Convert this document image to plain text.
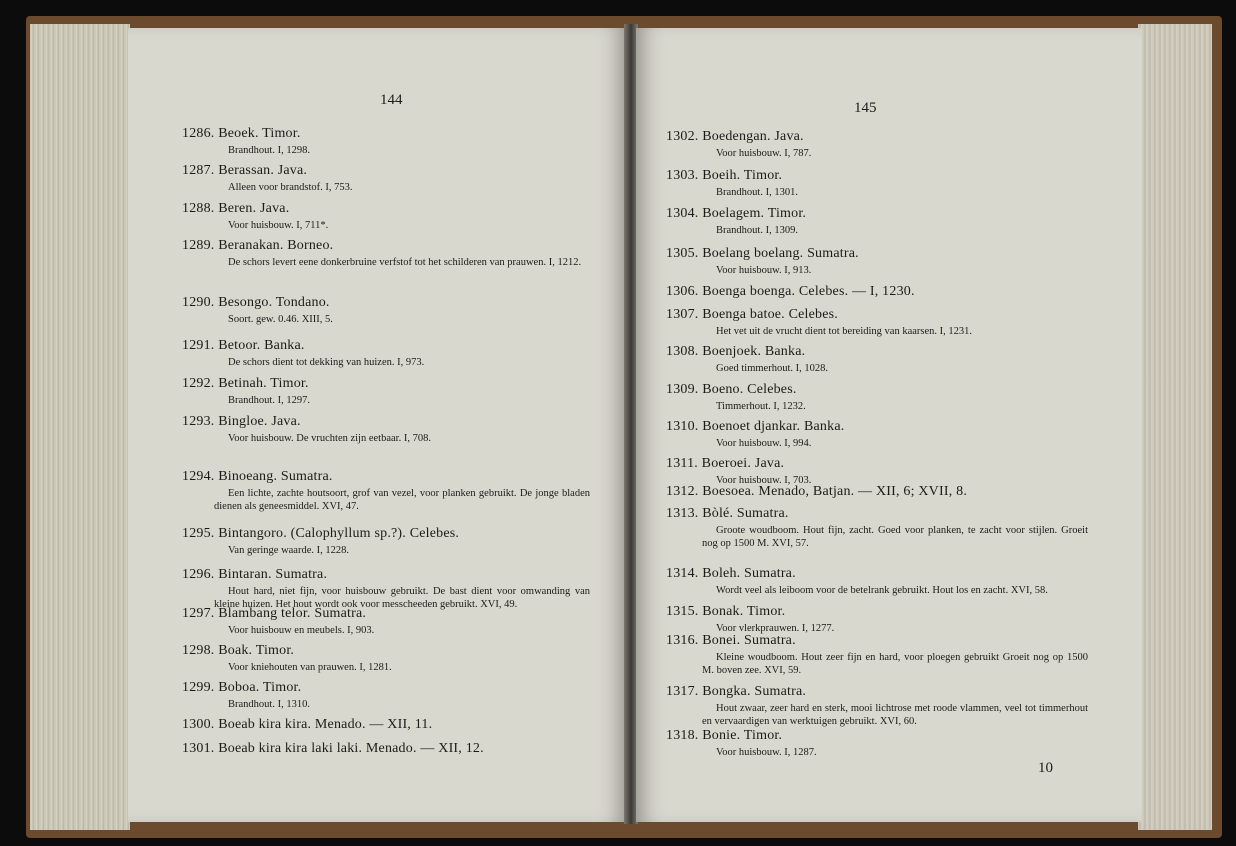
144
1286. Beoek. Timor.
Brandhout. I, 1298.
1287. Berassan. Java.
Alleen voor brandstof. I, 753.
1288. Beren. Java.
Voor huisbouw. I, 711*.
1289. Beranakan. Borneo.
De schors levert eene donkerbruine verfstof tot het schilderen van prauwen. I, 1212.
1290. Besongo. Tondano.
Soort. gew. 0.46. XIII, 5.
1291. Betoor. Banka.
De schors dient tot dekking van huizen. I, 973.
1292. Betinah. Timor.
Brandhout. I, 1297.
1293. Bingloe. Java.
Voor huisbouw. De vruchten zijn eetbaar. I, 708.
1294. Binoeang. Sumatra.
Een lichte, zachte houtsoort, grof van vezel, voor planken gebruikt. De jonge bladen dienen als geneesmiddel. XVI, 47.
1295. Bintangoro. (Calophyllum sp.?). Celebes.
Van geringe waarde. I, 1228.
1296. Bintaran. Sumatra.
Hout hard, niet fijn, voor huisbouw gebruikt. De bast dient voor omwanding van kleine huizen. Het hout wordt ook voor messcheeden gebruikt. XVI, 49.
1297. Blambang telor. Sumatra.
Voor huisbouw en meubels. I, 903.
1298. Boak. Timor.
Voor kniehouten van prauwen. I, 1281.
1299. Boboa. Timor.
Brandhout. I, 1310.
1300. Boeab kira kira. Menado. — XII, 11.
1301. Boeab kira kira laki laki. Menado. — XII, 12.
145
1302. Boedengan. Java.
Voor huisbouw. I, 787.
1303. Boeih. Timor.
Brandhout. I, 1301.
1304. Boelagem. Timor.
Brandhout. I, 1309.
1305. Boelang boelang. Sumatra.
Voor huisbouw. I, 913.
1306. Boenga boenga. Celebes. — I, 1230.
1307. Boenga batoe. Celebes.
Het vet uit de vrucht dient tot bereiding van kaarsen. I, 1231.
1308. Boenjoek. Banka.
Goed timmerhout. I, 1028.
1309. Boeno. Celebes.
Timmerhout. I, 1232.
1310. Boenoet djankar. Banka.
Voor huisbouw. I, 994.
1311. Boeroei. Java.
Voor huisbouw. I, 703.
1312. Boesoea. Menado, Batjan. — XII, 6; XVII, 8.
1313. Bòlé. Sumatra.
Groote woudboom. Hout fijn, zacht. Goed voor planken, te zacht voor stijlen. Groeit nog op 1500 M. XVI, 57.
1314. Boleh. Sumatra.
Wordt veel als leiboom voor de betelrank gebruikt. Hout los en zacht. XVI, 58.
1315. Bonak. Timor.
Voor vlerkprauwen. I, 1277.
1316. Bonei. Sumatra.
Kleine woudboom. Hout zeer fijn en hard, voor ploegen gebruikt Groeit nog op 1500 M. boven zee. XVI, 59.
1317. Bongka. Sumatra.
Hout zwaar, zeer hard en sterk, mooi lichtrose met roode vlammen, veel tot timmerhout en vervaardigen van werktuigen gebruikt. XVI, 60.
1318. Bonie. Timor.
Voor huisbouw. I, 1287.
10
